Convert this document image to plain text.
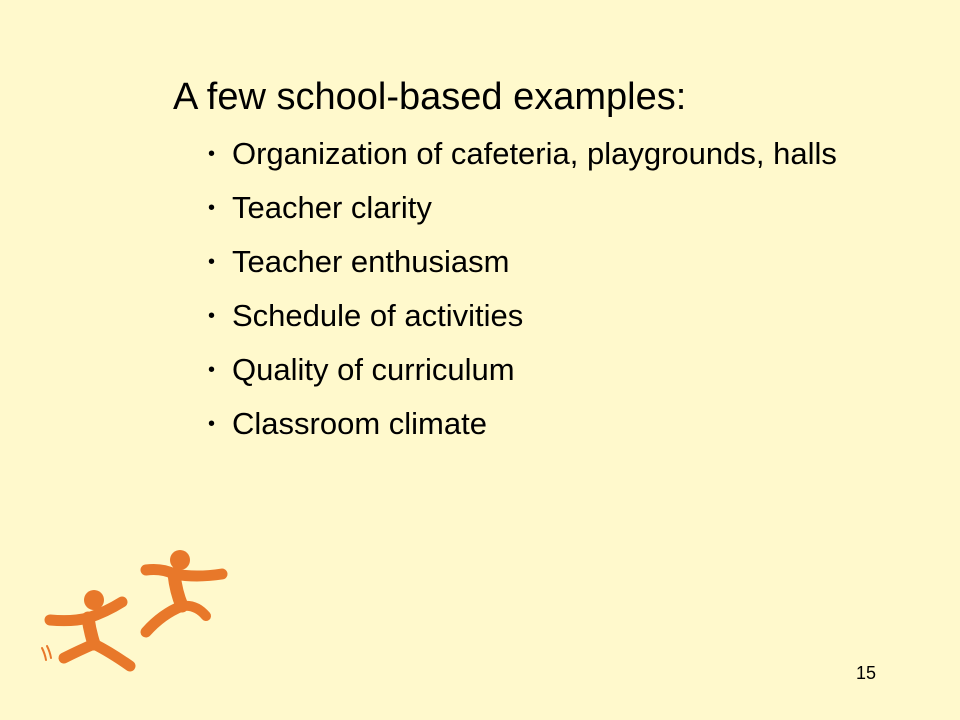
A few school-based examples:
• Organization of cafeteria, playgrounds, halls
• Teacher clarity
• Teacher enthusiasm
• Schedule of activities
• Quality of curriculum
• Classroom climate
15
